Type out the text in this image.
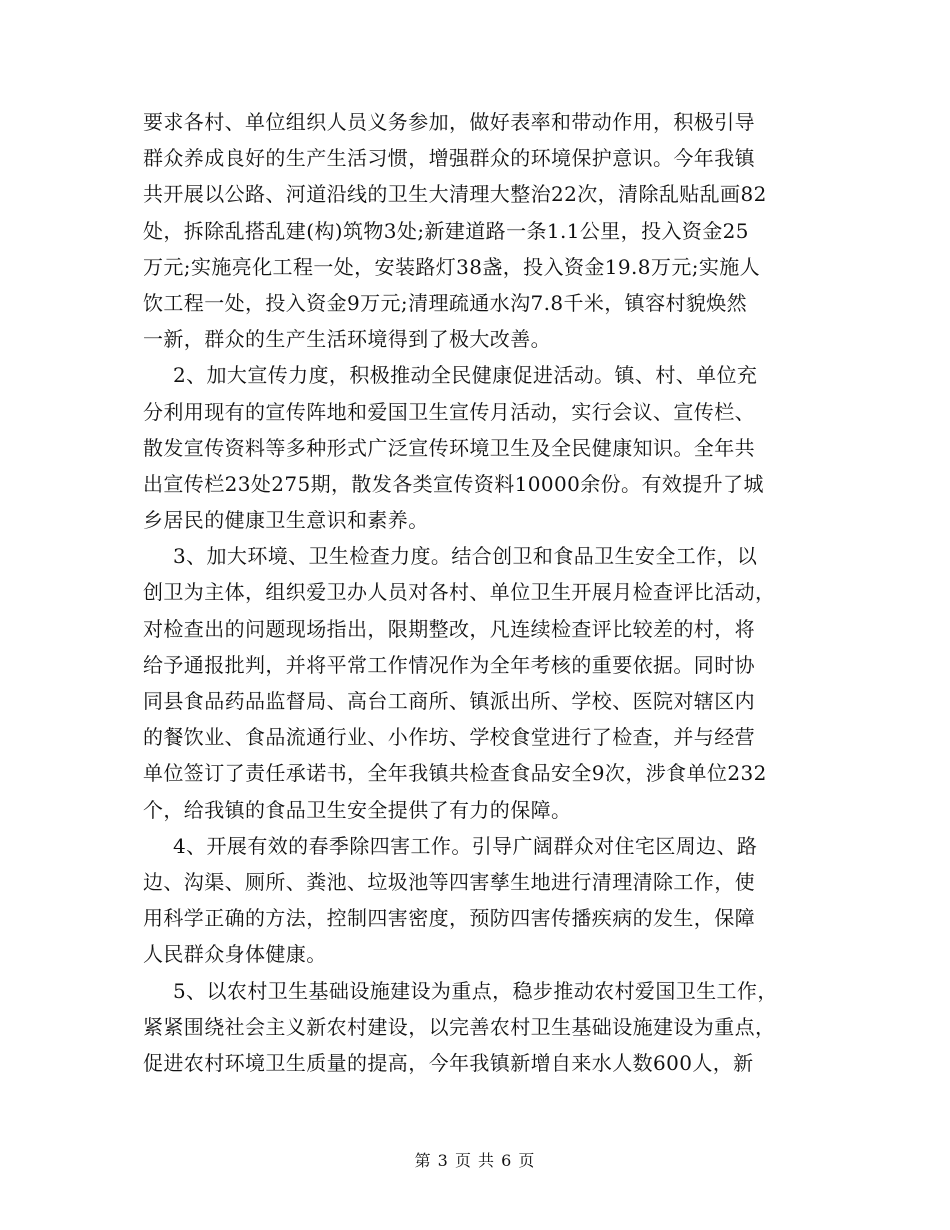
要求各村、单位组织人员义务参加，做好表率和带动作用，积极引导
群众养成良好的生产生活习惯，增强群众的环境保护意识。今年我镇
共开展以公路、河道沿线的卫生大清理大整治22次，清除乱贴乱画82
处，拆除乱搭乱建(构)筑物3处;新建道路一条1.1公里，投入资金25
万元;实施亮化工程一处，安装路灯38盏，投入资金19.8万元;实施人
饮工程一处，投入资金9万元;清理疏通水沟7.8千米，镇容村貌焕然
一新，群众的生产生活环境得到了极大改善。
2、加大宣传力度，积极推动全民健康促进活动。镇、村、单位充
分利用现有的宣传阵地和爱国卫生宣传月活动，实行会议、宣传栏、
散发宣传资料等多种形式广泛宣传环境卫生及全民健康知识。全年共
出宣传栏23处275期，散发各类宣传资料10000余份。有效提升了城
乡居民的健康卫生意识和素养。
3、加大环境、卫生检查力度。结合创卫和食品卫生安全工作，以
创卫为主体，组织爱卫办人员对各村、单位卫生开展月检查评比活动，
对检查出的问题现场指出，限期整改，凡连续检查评比较差的村，将
给予通报批判，并将平常工作情况作为全年考核的重要依据。同时协
同县食品药品监督局、高台工商所、镇派出所、学校、医院对辖区内
的餐饮业、食品流通行业、小作坊、学校食堂进行了检查，并与经营
单位签订了责任承诺书，全年我镇共检查食品安全9次，涉食单位232
个，给我镇的食品卫生安全提供了有力的保障。
4、开展有效的春季除四害工作。引导广阔群众对住宅区周边、路
边、沟渠、厕所、粪池、垃圾池等四害孳生地进行清理清除工作，使
用科学正确的方法，控制四害密度，预防四害传播疾病的发生，保障
人民群众身体健康。
5、以农村卫生基础设施建设为重点，稳步推动农村爱国卫生工作，
紧紧围绕社会主义新农村建设，以完善农村卫生基础设施建设为重点，
促进农村环境卫生质量的提高，今年我镇新增自来水人数600人，新
第 3 页 共 6 页
